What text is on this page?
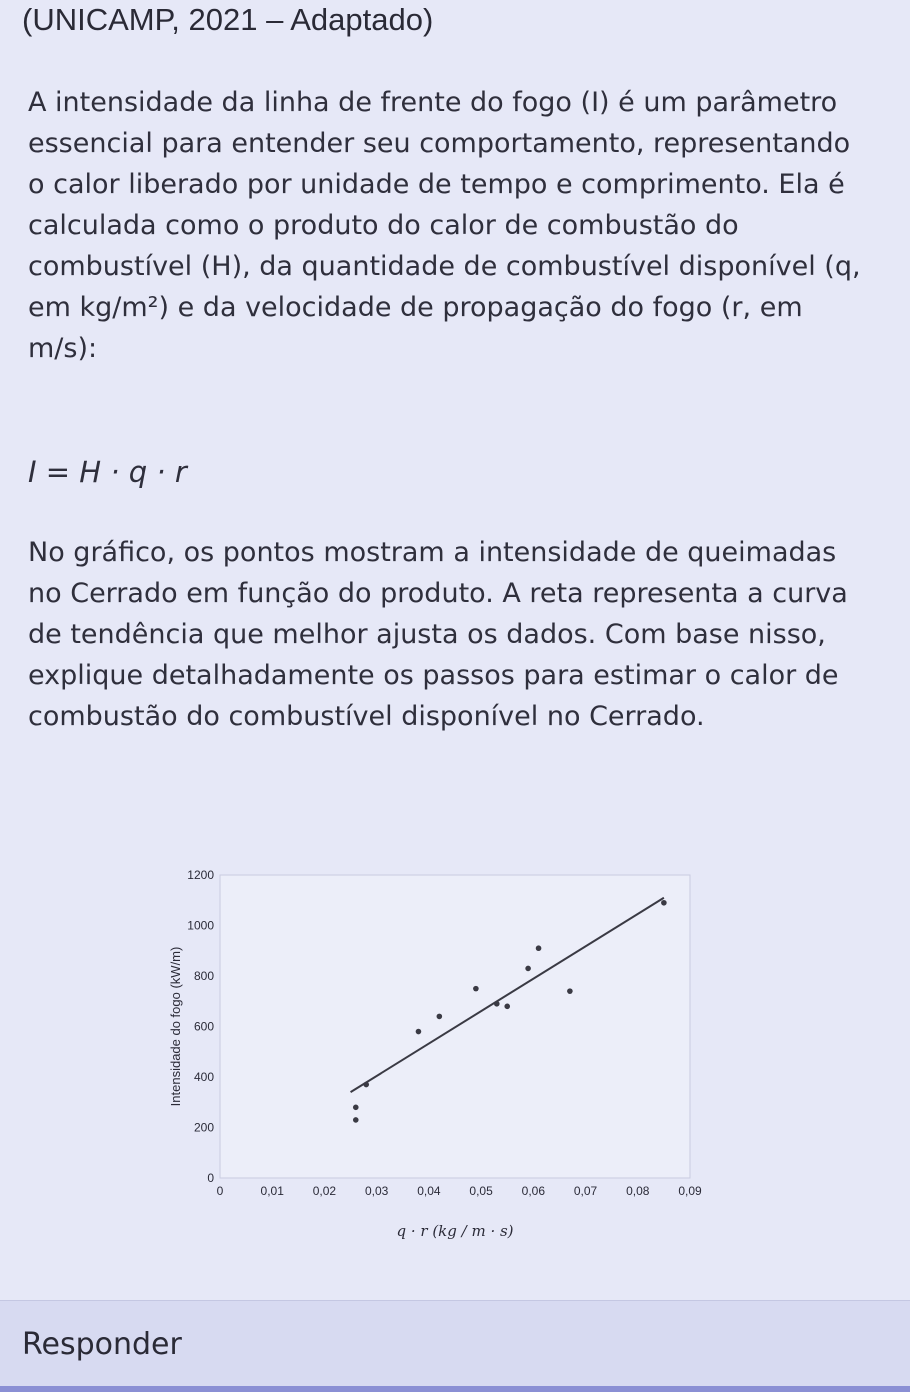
(UNICAMP, 2021 – Adaptado)
A intensidade da linha de frente do fogo (I) é um parâmetro essencial para entender seu comportamento, representando o calor liberado por unidade de tempo e comprimento. Ela é calculada como o produto do calor de combustão do combustível (H), da quantidade de combustível disponível (q, em kg/m²) e da velocidade de propagação do fogo (r, em m/s):
I = H · q · r
No gráfico, os pontos mostram a intensidade de queimadas no Cerrado em função do produto. A reta representa a curva de tendência que melhor ajusta os dados. Com base nisso, explique detalhadamente os passos para estimar o calor de combustão do combustível disponível no Cerrado.
0
200
400
600
800
1000
1200
0	0,01 0,02 0,03 0,04 0,05 0,06 0,07 0,08 0,09
Intensidade do fogo (kW/m)
q · r (kg / m · s)
Responder
